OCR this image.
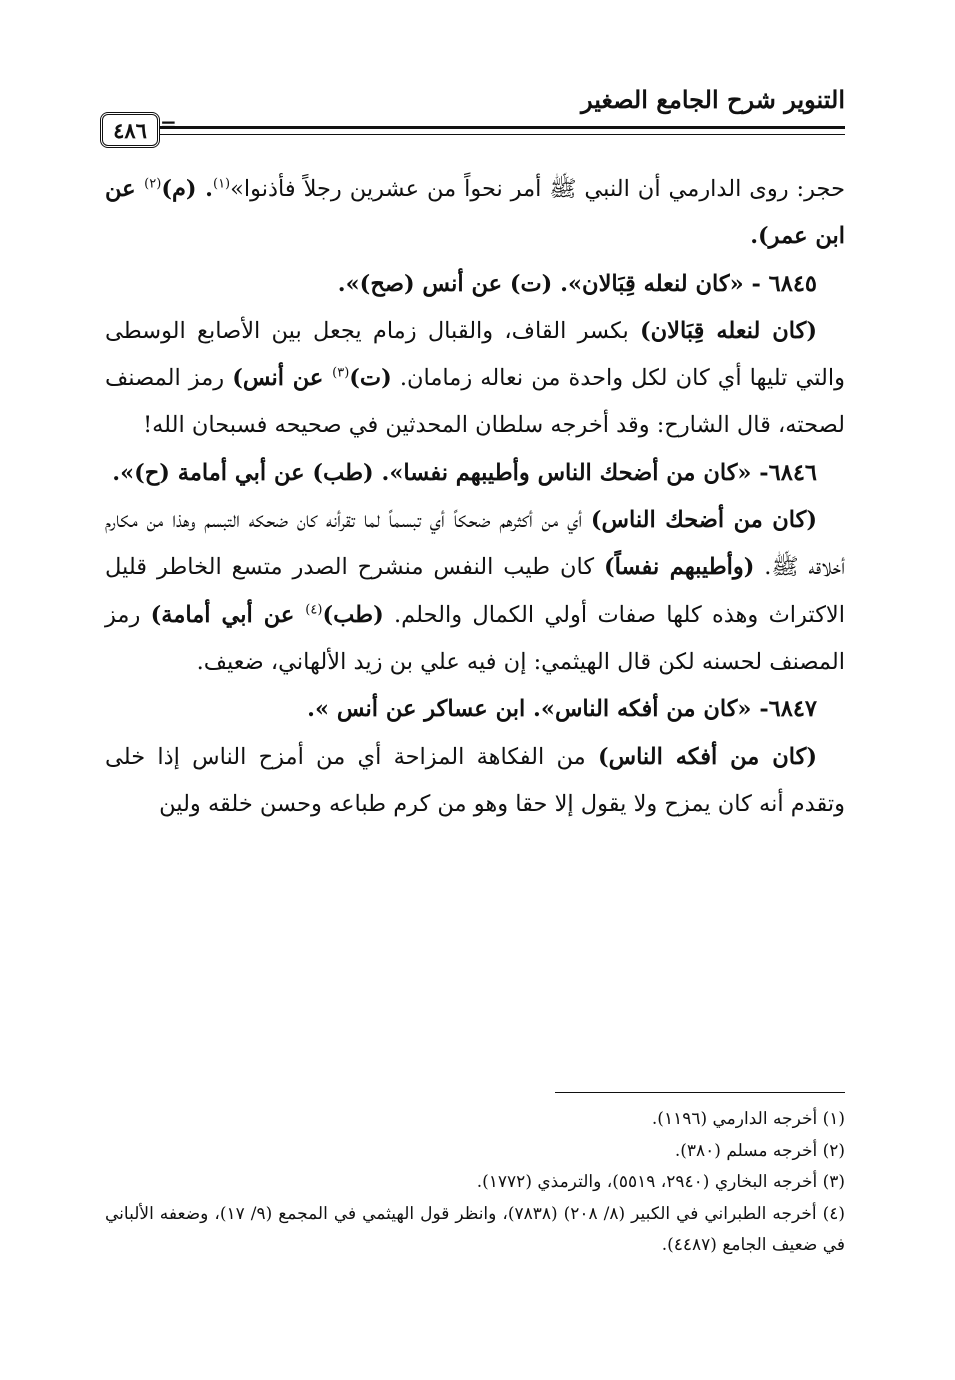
التنوير شرح الجامع الصغير
=
٤٨٦

حجر: روى الدارمي أن النبي ﷺ أمر نحواً من عشرين رجلاً فأذنوا»$^{(١)}$. (م)$^{(٢)}$ عن ابن عمر).

٦٨٤٥ - «كان لنعله قِبَالان». (ت) عن أنس (صح)».

(كان لنعله قِبَالان) بكسر القاف، والقبال زمام يجعل بين الأصابع الوسطى والتي تليها أي كان لكل واحدة من نعاله زمامان. (ت)$^{(٣)}$ عن أنس) رمز المصنف لصحته، قال الشارح: وقد أخرجه سلطان المحدثين في صحيحه فسبحان الله!

٦٨٤٦- «كان من أضحك الناس وأطيبهم نفسا». (طب) عن أبي أمامة (ح)».

(كان من أضحك الناس) أي من أكثرهم ضحكاً أي تبسماً لما تقرأنه كان ضحكه التبسم وهذا من مكارم أخلاقه ﷺ. (وأطيبهم نفساً) كان طيب النفس منشرح الصدر متسع الخاطر قليل الاكتراث وهذه كلها صفات أولي الكمال والحلم. (طب)$^{(٤)}$ عن أبي أمامة) رمز المصنف لحسنه لكن قال الهيثمي: إن فيه علي بن زيد الألهاني، ضعيف.

٦٨٤٧- «كان من أفكه الناس». ابن عساكر عن أنس ».

(كان من أفكه الناس) من الفكاهة المزاحة أي من أمزح الناس إذا خلى وتقدم أنه كان يمزح ولا يقول إلا حقا وهو من كرم طباعه وحسن خلقه ولين

(١) أخرجه الدارمي (١١٩٦).

(٢) أخرجه مسلم (٣٨٠).

(٣) أخرجه البخاري (٢٩٤٠، ٥٥١٩)، والترمذي (١٧٧٢).

(٤) أخرجه الطبراني في الكبير (٨/ ٢٠٨) (٧٨٣٨)، وانظر قول الهيثمي في المجمع (٩/ ١٧)، وضعفه الألباني في ضعيف الجامع (٤٤٨٧).
